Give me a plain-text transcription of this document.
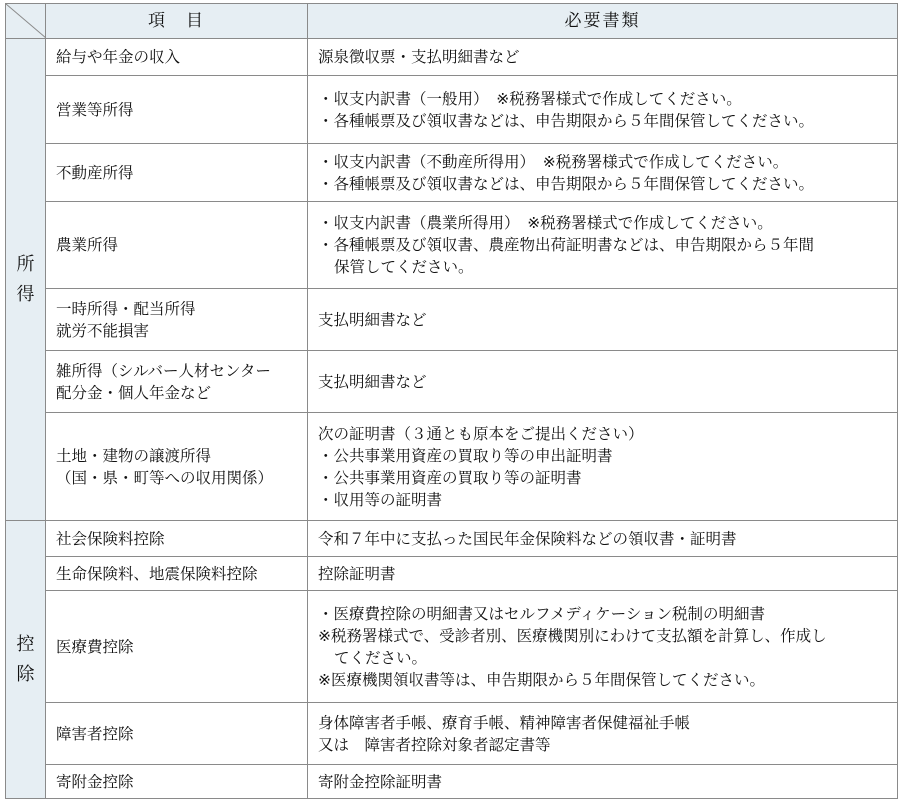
	項　目	必要書類

所
得	給与や年金の収入	源泉徴収票・支払明細書など

	営業等所得	・収支内訳書（一般用）　※税務署様式で作成してください。
・各種帳票及び領収書などは、申告期限から５年間保管してください。

	不動産所得	・収支内訳書（不動産所得用）　※税務署様式で作成してください。
・各種帳票及び領収書などは、申告期限から５年間保管してください。

	農業所得	・収支内訳書（農業所得用）　※税務署様式で作成してください。
・各種帳票及び領収書、農産物出荷証明書などは、申告期限から５年間
保管してください。

	一時所得・配当所得
就労不能損害	支払明細書など

	雑所得（シルバー人材センター
配分金・個人年金など	支払明細書など

	土地・建物の譲渡所得
（国・県・町等への収用関係）	次の証明書（３通とも原本をご提出ください）
・公共事業用資産の買取り等の申出証明書
・公共事業用資産の買取り等の証明書
・収用等の証明書

控
除	社会保険料控除	令和７年中に支払った国民年金保険料などの領収書・証明書

	生命保険料、地震保険料控除	控除証明書

	医療費控除	・医療費控除の明細書又はセルフメディケーション税制の明細書
※税務署様式で、受診者別、医療機関別にわけて支払額を計算し、作成し
てください。
※医療機関領収書等は、申告期限から５年間保管してください。

	障害者控除	身体障害者手帳、療育手帳、精神障害者保健福祉手帳
又は　障害者控除対象者認定書等

	寄附金控除	寄附金控除証明書
